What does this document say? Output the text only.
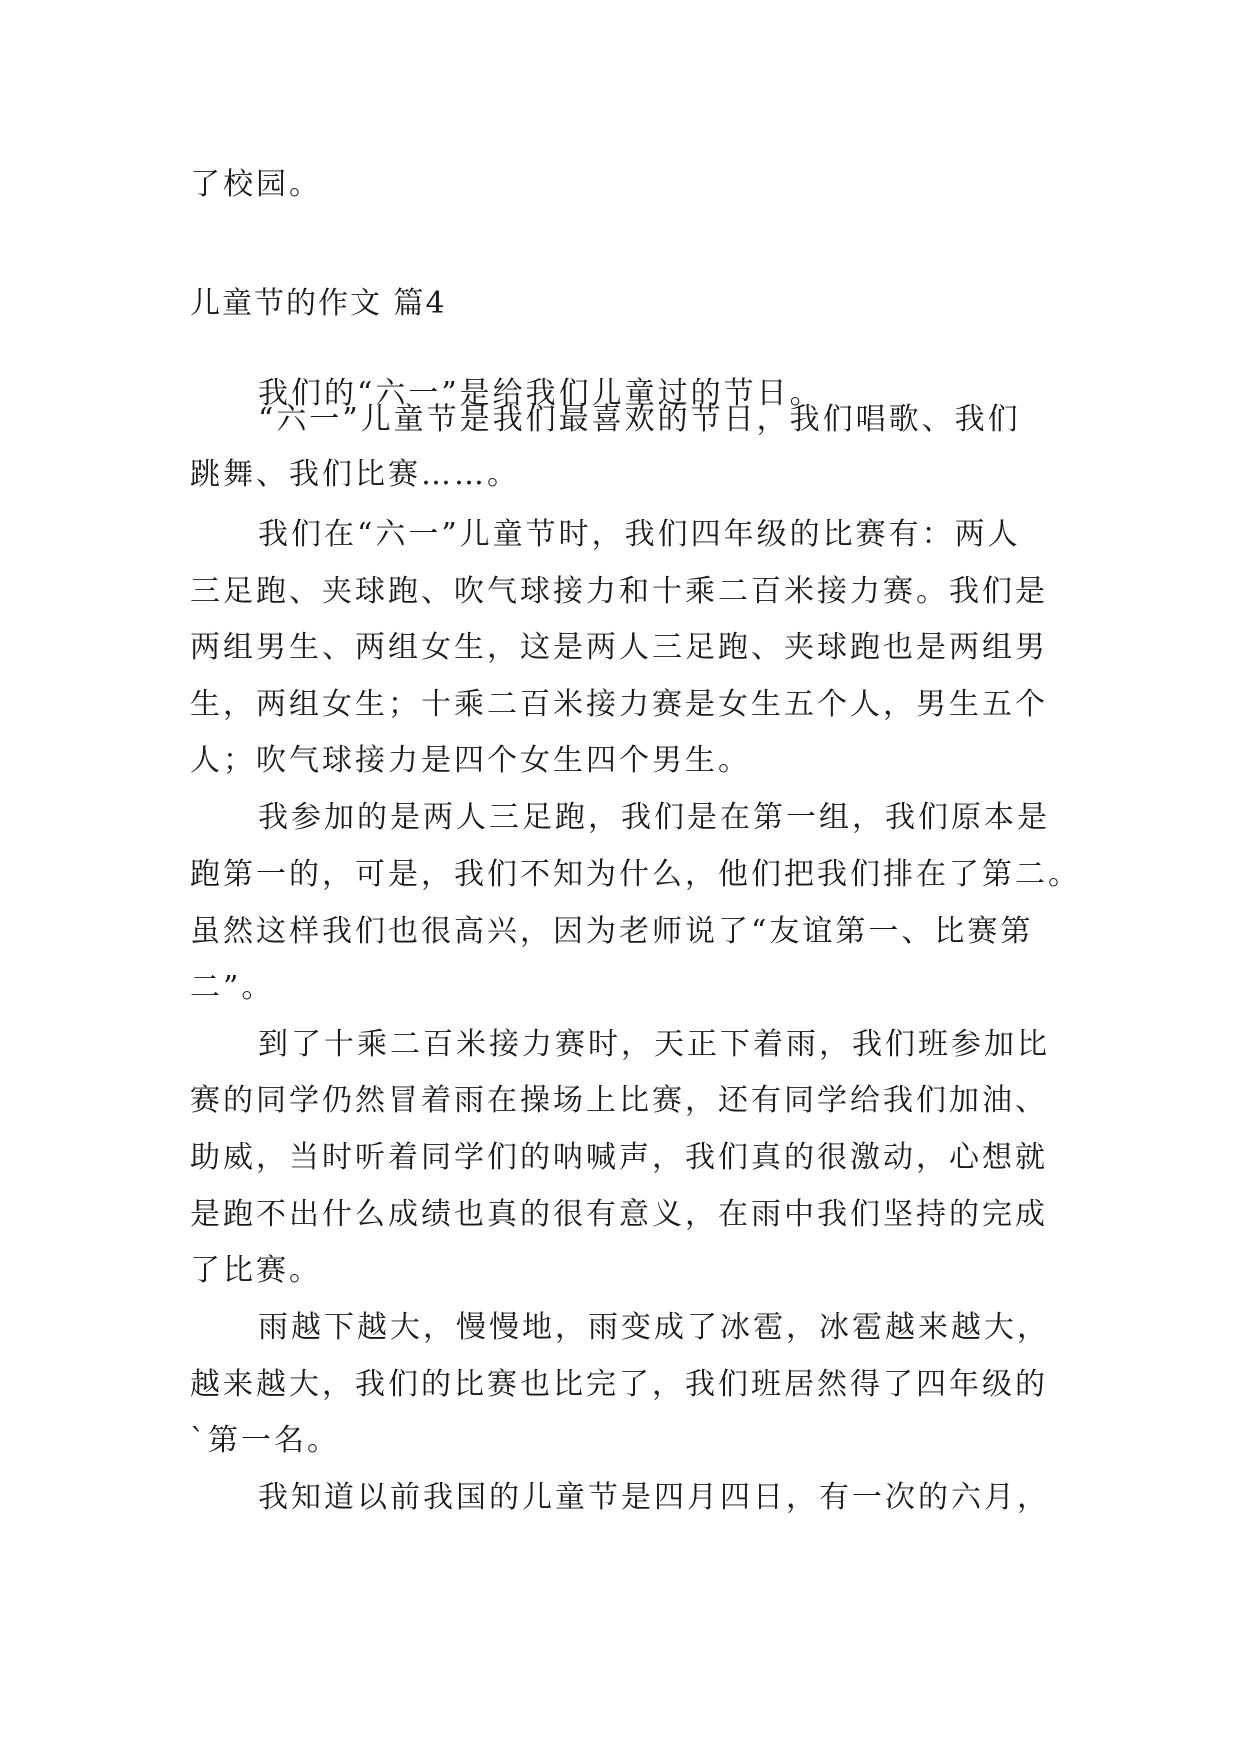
了校园。
儿童节的作文 篇4
我们的“六一”是给我们儿童过的节日。
“六一”儿童节是我们最喜欢的节日，我们唱歌、我们
跳舞、我们比赛……。
我们在“六一”儿童节时，我们四年级的比赛有：两人
三足跑、夹球跑、吹气球接力和十乘二百米接力赛。我们是
两组男生、两组女生，这是两人三足跑、夹球跑也是两组男
生，两组女生；十乘二百米接力赛是女生五个人，男生五个
人；吹气球接力是四个女生四个男生。
我参加的是两人三足跑，我们是在第一组，我们原本是
跑第一的，可是，我们不知为什么，他们把我们排在了第二。
虽然这样我们也很高兴，因为老师说了“友谊第一、比赛第
二”。
到了十乘二百米接力赛时，天正下着雨，我们班参加比
赛的同学仍然冒着雨在操场上比赛，还有同学给我们加油、
助威，当时听着同学们的呐喊声，我们真的很激动，心想就
是跑不出什么成绩也真的很有意义，在雨中我们坚持的完成
了比赛。
雨越下越大，慢慢地，雨变成了冰雹，冰雹越来越大，
越来越大，我们的比赛也比完了，我们班居然得了四年级的
`第一名。
我知道以前我国的儿童节是四月四日，有一次的六月，
